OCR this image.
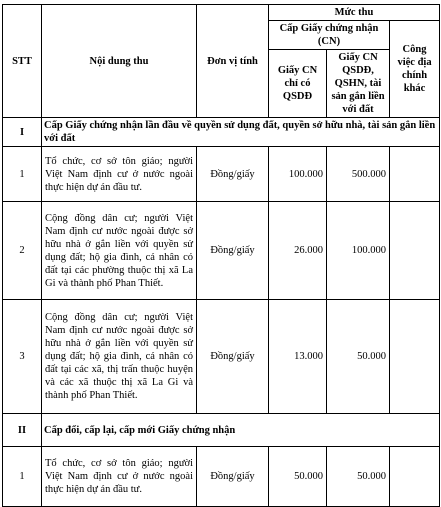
STT	Nội dung thu	Đơn vị tính	Mức thu		
			Cấp Giấy chứng nhận (CN)		Công việc địa chính khác
			Giấy CN chỉ có QSDĐ	Giấy CN QSDĐ, QSHN, tài sản gắn liền với đất	
I	Cấp Giấy chứng nhận lần đầu về quyền sử dụng đất, quyền sở hữu nhà, tài sản gắn liền với đất				
1	Tổ chức, cơ sở tôn giáo; người Việt Nam định cư ở nước ngoài thực hiện dự án đầu tư.	Đồng/giấy	100.000	500.000	
2	Cộng đồng dân cư; người Việt Nam định cư nước ngoài được sở hữu nhà ở gắn liền với quyền sử dụng đất; hộ gia đình, cá nhân có đất tại các phường thuộc thị xã La Gi và thành phố Phan Thiết.	Đồng/giấy	26.000	100.000	
3	Cộng đồng dân cư; người Việt Nam định cư nước ngoài được sở hữu nhà ở gắn liền với quyền sử dụng đất; hộ gia đình, cá nhân có đất tại các xã, thị trấn thuộc huyện và các xã thuộc thị xã La Gi và thành phố Phan Thiết.	Đồng/giấy	13.000	50.000	
II	Cấp đổi, cấp lại, cấp mới Giấy chứng nhận				
1	Tổ chức, cơ sở tôn giáo; người Việt Nam định cư ở nước ngoài thực hiện dự án đầu tư.	Đồng/giấy	50.000	50.000	
